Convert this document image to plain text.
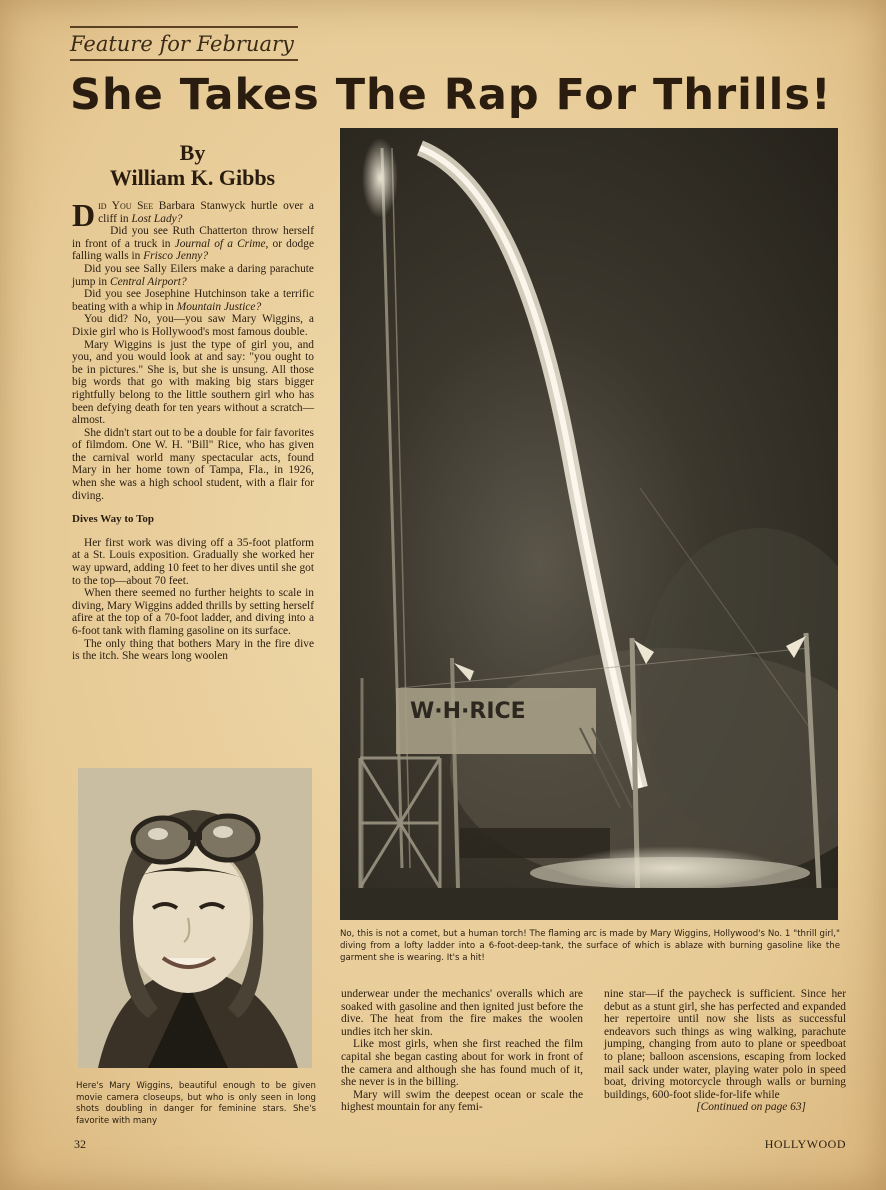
Feature for February
She Takes The Rap For Thrills!
By
William K. Gibbs

Did You See Barbara Stanwyck hurtle over a cliff in Lost Lady?

Did you see Ruth Chatterton throw herself in front of a truck in Journal of a Crime, or dodge falling walls in Frisco Jenny?

Did you see Sally Eilers make a daring parachute jump in Central Airport?

Did you see Josephine Hutchinson take a terrific beating with a whip in Mountain Justice?

You did? No, you—you saw Mary Wiggins, a Dixie girl who is Hollywood's most famous double.

Mary Wiggins is just the type of girl you, and you, and you would look at and say: "you ought to be in pictures." She is, but she is unsung. All those big words that go with making big stars bigger rightfully belong to the little southern girl who has been defying death for ten years without a scratch—almost.

She didn't start out to be a double for fair favorites of filmdom. One W. H. "Bill" Rice, who has given the carnival world many spectacular acts, found Mary in her home town of Tampa, Fla., in 1926, when she was a high school student, with a flair for diving.

Dives Way to Top

Her first work was diving off a 35-foot platform at a St. Louis exposition. Gradually she worked her way upward, adding 10 feet to her dives until she got to the top—about 70 feet.

When there seemed no further heights to scale in diving, Mary Wiggins added thrills by setting herself afire at the top of a 70-foot ladder, and diving into a 6-foot tank with flaming gasoline on its surface.

The only thing that bothers Mary in the fire dive is the itch. She wears long woolen

W·H·RICE
No, this is not a comet, but a human torch! The flaming arc is made by Mary Wiggins, Hollywood's No. 1 "thrill girl," diving from a lofty ladder into a 6-foot-deep-tank, the surface of which is ablaze with burning gasoline like the garment she is wearing. It's a hit!
Here's Mary Wiggins, beautiful enough to be given movie camera closeups, but who is only seen in long shots doubling in danger for feminine stars. She's favorite with many

underwear under the mechanics' overalls which are soaked with gasoline and then ignited just before the dive. The heat from the fire makes the woolen undies itch her skin.

Like most girls, when she first reached the film capital she began casting about for work in front of the camera and although she has found much of it, she never is in the billing.

Mary will swim the deepest ocean or scale the highest mountain for any femi-

nine star—if the paycheck is sufficient. Since her debut as a stunt girl, she has perfected and expanded her repertoire until now she lists as successful endeavors such things as wing walking, parachute jumping, changing from auto to plane or speedboat to plane; balloon ascensions, escaping from locked mail sack under water, playing water polo in speed boat, driving motorcycle through walls or burning buildings, 600-foot slide-for-life while

[Continued on page 63]
32	HOLLYWOOD
